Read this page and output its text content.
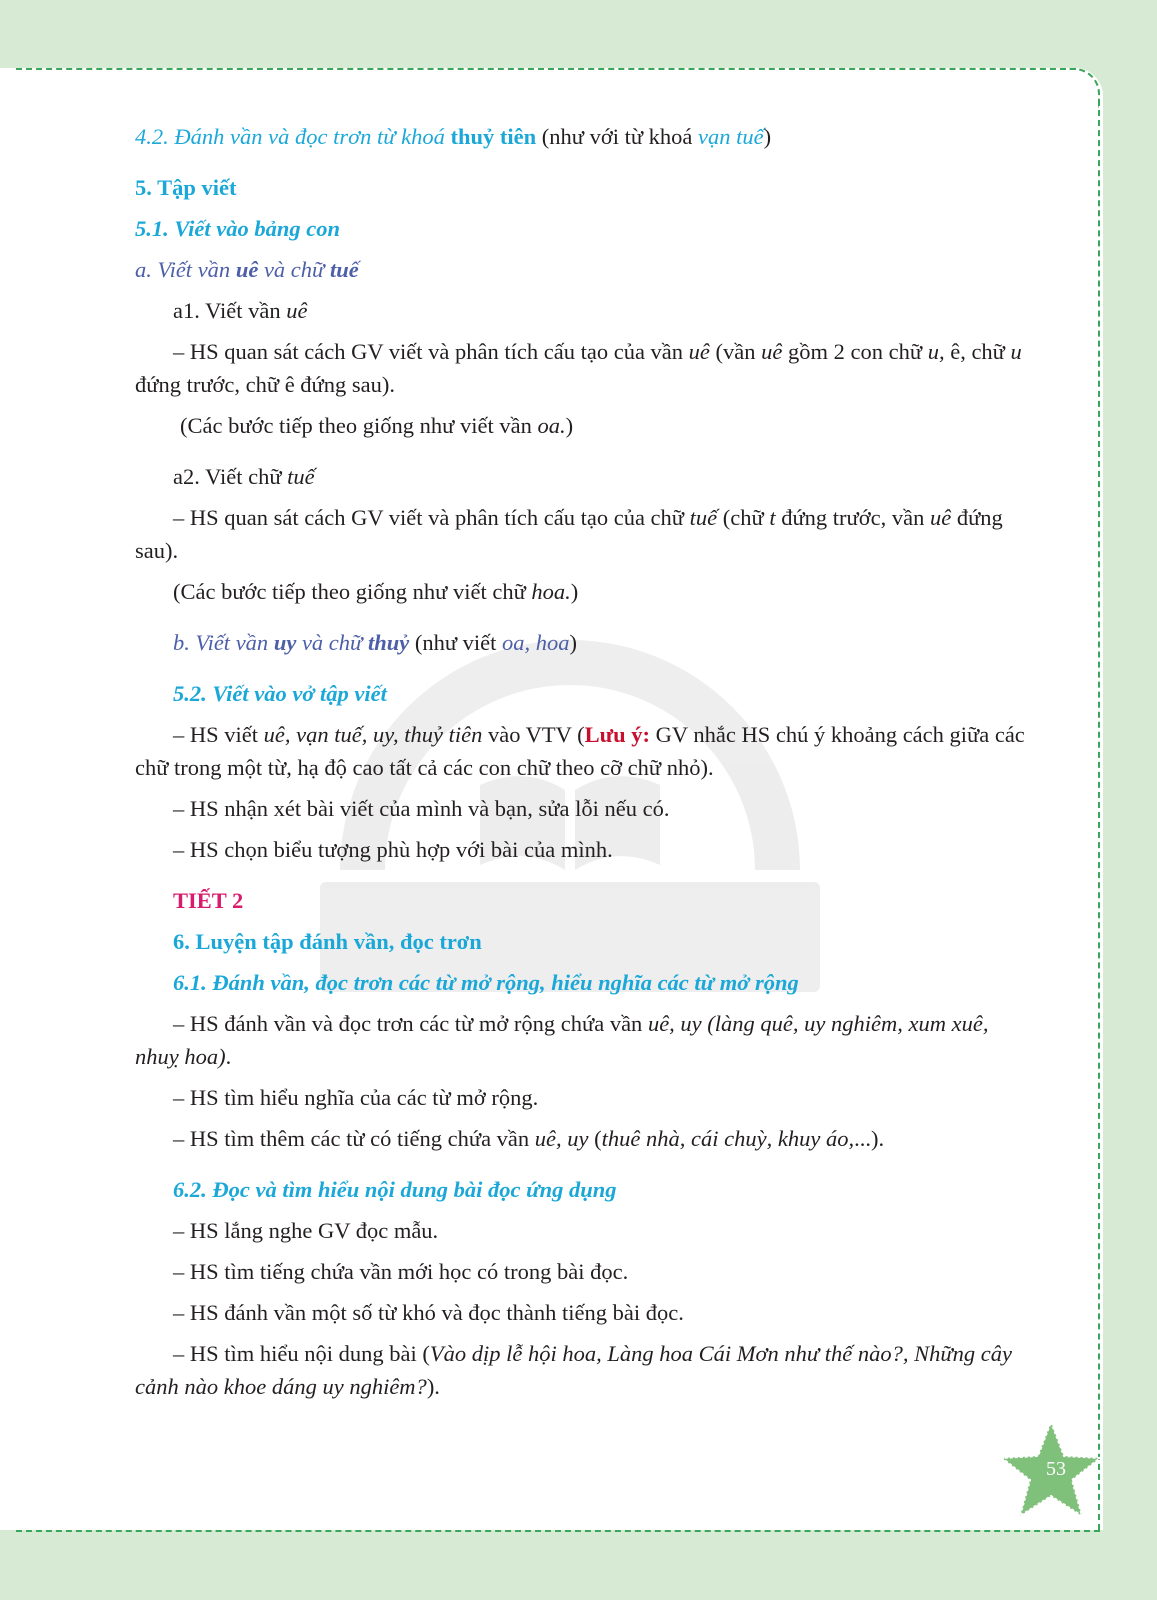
4.2. Đánh vần và đọc trơn từ khoá thuỷ tiên (như với từ khoá vạn tuế)

5. Tập viết

5.1. Viết vào bảng con

a. Viết vần uê và chữ tuế

a1. Viết vần uê

– HS quan sát cách GV viết và phân tích cấu tạo của vần uê (vần uê gồm 2 con chữ u, ê, chữ u đứng trước, chữ ê đứng sau).

(Các bước tiếp theo giống như viết vần oa.)

a2. Viết chữ tuế

– HS quan sát cách GV viết và phân tích cấu tạo của chữ tuế (chữ t đứng trước, vần uê đứng sau).

(Các bước tiếp theo giống như viết chữ hoa.)

b. Viết vần uy và chữ thuỷ (như viết oa, hoa)

5.2. Viết vào vở tập viết

– HS viết uê, vạn tuế, uy, thuỷ tiên vào VTV (Lưu ý: GV nhắc HS chú ý khoảng cách giữa các chữ trong một từ, hạ độ cao tất cả các con chữ theo cỡ chữ nhỏ).

– HS nhận xét bài viết của mình và bạn, sửa lỗi nếu có.

– HS chọn biểu tượng phù hợp với bài của mình.

TIẾT 2

6. Luyện tập đánh vần, đọc trơn

6.1. Đánh vần, đọc trơn các từ mở rộng, hiểu nghĩa các từ mở rộng

– HS đánh vần và đọc trơn các từ mở rộng chứa vần uê, uy (làng quê, uy nghiêm, xum xuê, nhuỵ hoa).

– HS tìm hiểu nghĩa của các từ mở rộng.

– HS tìm thêm các từ có tiếng chứa vần uê, uy (thuê nhà, cái chuỳ, khuy áo,...).

6.2. Đọc và tìm hiểu nội dung bài đọc ứng dụng

– HS lắng nghe GV đọc mẫu.

– HS tìm tiếng chứa vần mới học có trong bài đọc.

– HS đánh vần một số từ khó và đọc thành tiếng bài đọc.

– HS tìm hiểu nội dung bài (Vào dịp lễ hội hoa, Làng hoa Cái Mơn như thế nào?, Những cây cảnh nào khoe dáng uy nghiêm?).

53
